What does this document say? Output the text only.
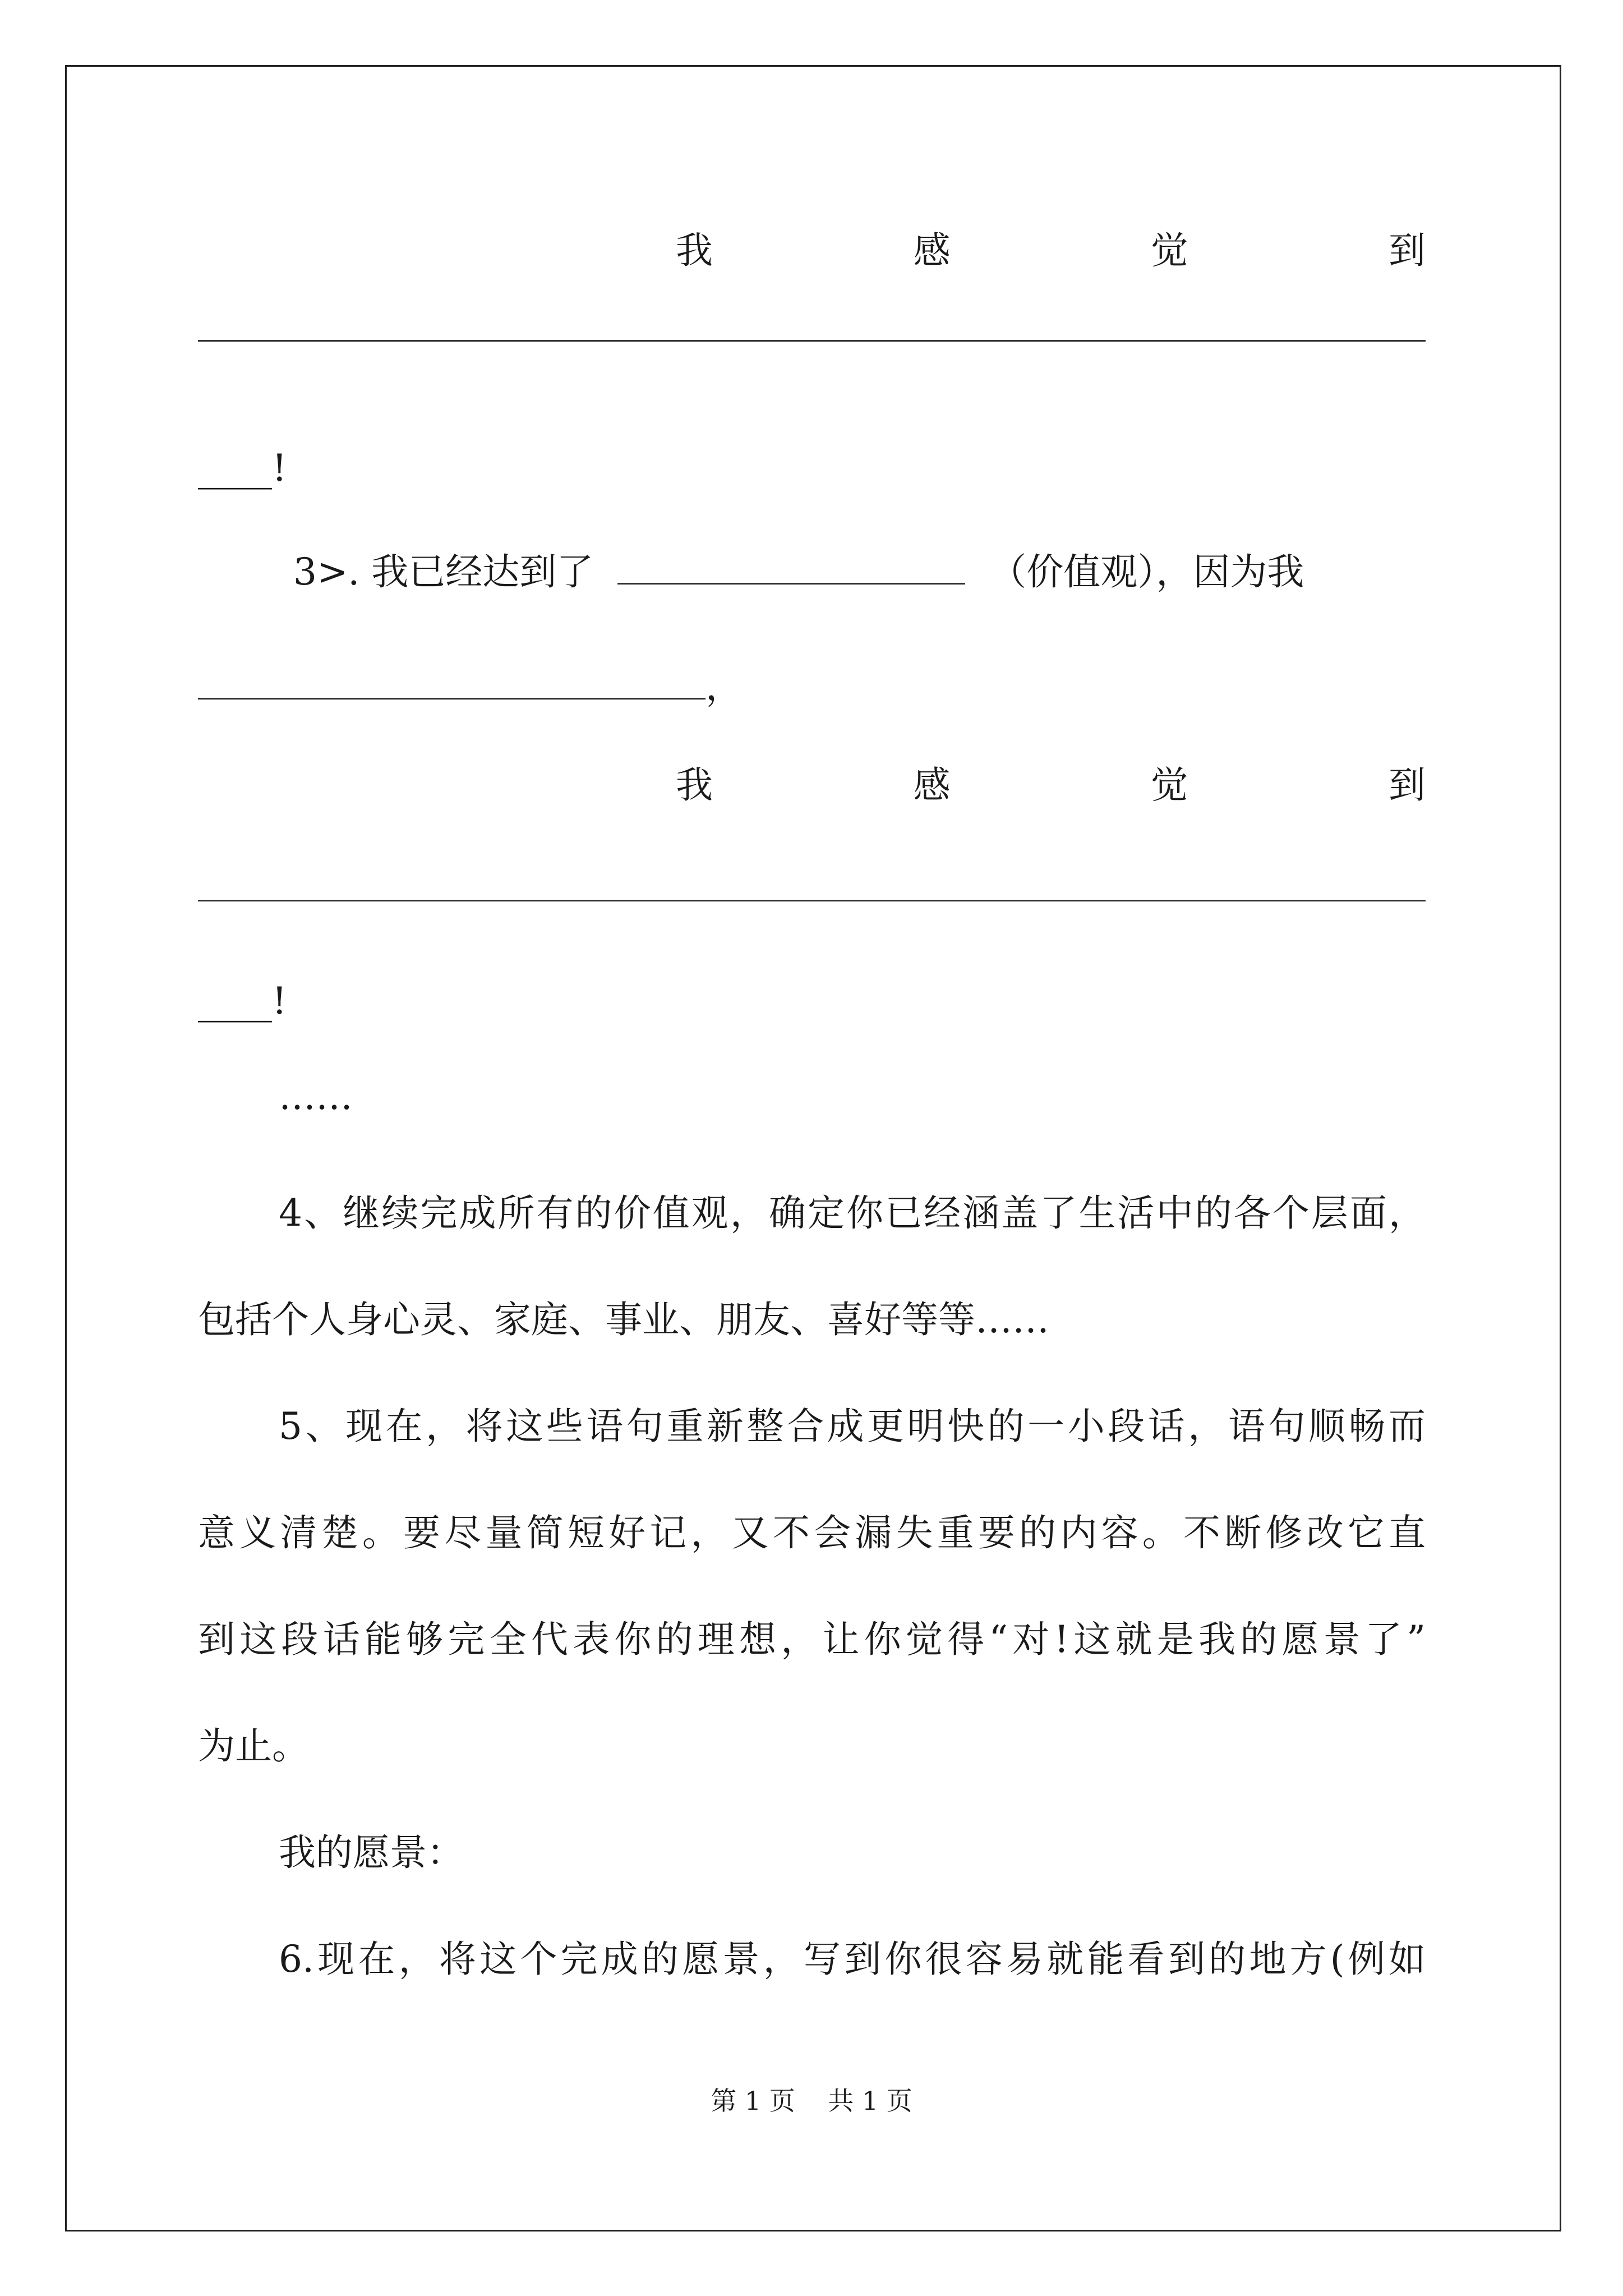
我	感	觉	到
____!
3>. 我已经达到了	（价值观），因为我
，
我	感	觉	到
____!
……
4、继续完成所有的价值观，确定你已经涵盖了生活中的各个层面，
包括个人身心灵、家庭、事业、朋友、喜好等等……
5、现在，将这些语句重新整合成更明快的一小段话，语句顺畅而
意义清楚。要尽量简短好记，又不会漏失重要的内容。不断修改它直
到这段话能够完全代表你的理想，让你觉得“对!这就是我的愿景了”
为止。
我的愿景：
6.现在，将这个完成的愿景，写到你很容易就能看到的地方(例如
第 1 页 共 1 页
